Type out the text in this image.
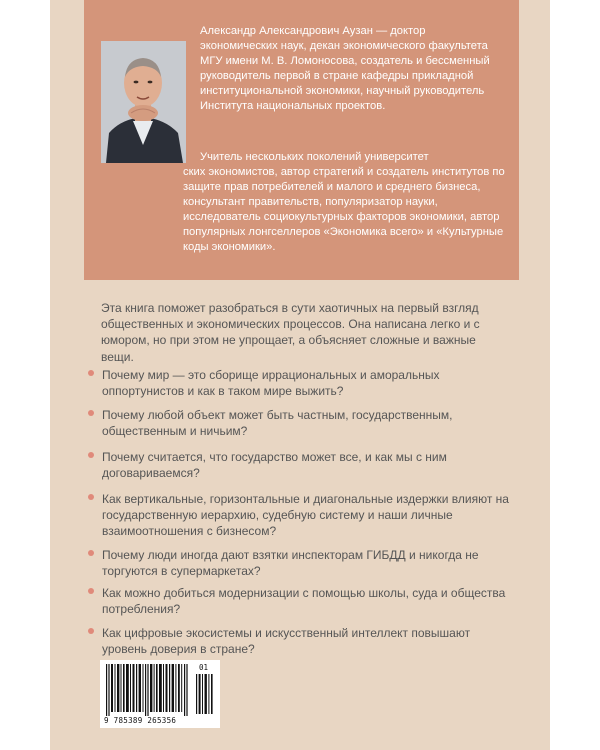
Александр Александрович Аузан — доктор экономических наук, декан экономического факультета МГУ имени М. В. Ломоносова, создатель и бессменный руководитель первой в стране кафедры прикладной институциональной экономики, научный руководитель Института национальных проектов.

Учитель нескольких поколений университет

ских экономистов, автор стратегий и создатель институтов по защите прав потребителей и малого и среднего бизнеса, консультант правительств, популяризатор науки, исследователь социокультурных факторов экономики, автор популярных лонгселлеров «Экономика всего» и «Культурные коды экономики».

Эта книга поможет разобраться в сути хаотичных на первый взгляд общественных и экономических процессов. Она написана легко и с юмором, но при этом не упрощает, а объясняет сложные и важные вещи.

Почему мир — это сборище иррациональных и аморальных оппортунистов и как в таком мире выжить?

Почему любой объект может быть частным, государственным, общественным и ничьим?

Почему считается, что государство может все, и как мы с ним договариваемся?

Как вертикальные, горизонтальные и диагональные издержки влияют на государственную иерархию, судебную систему и наши личные взаимоотношения с бизнесом?

Почему люди иногда дают взятки инспекторам ГИБДД и никогда не торгуются в супермаркетах?

Как можно добиться модернизации с помощью школы, суда и общества потребления?

Как цифровые экосистемы и искусственный интеллект повышают уровень доверия в стране?

9 785389 265356
01
